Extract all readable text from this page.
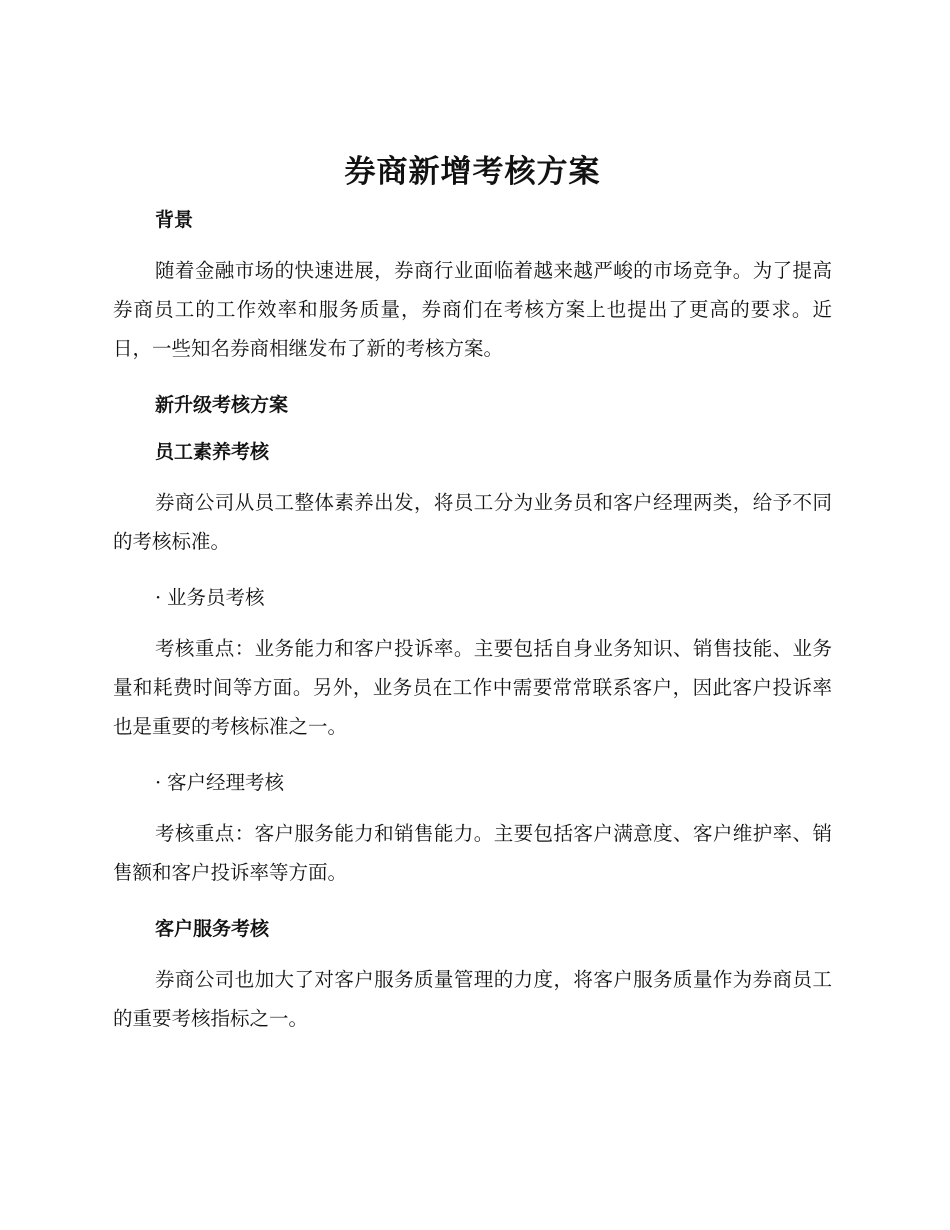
券商新增考核方案
背景

随着金融市场的快速进展，券商行业面临着越来越严峻的市场竞争。为了提高券商员工的工作效率和服务质量，券商们在考核方案上也提出了更高的要求。近日，一些知名券商相继发布了新的考核方案。

新升级考核方案
员工素养考核

券商公司从员工整体素养出发，将员工分为业务员和客户经理两类，给予不同的考核标准。

· 业务员考核

考核重点：业务能力和客户投诉率。主要包括自身业务知识、销售技能、业务量和耗费时间等方面。另外，业务员在工作中需要常常联系客户，因此客户投诉率也是重要的考核标准之一。

· 客户经理考核

考核重点：客户服务能力和销售能力。主要包括客户满意度、客户维护率、销售额和客户投诉率等方面。

客户服务考核

券商公司也加大了对客户服务质量管理的力度，将客户服务质量作为券商员工的重要考核指标之一。
